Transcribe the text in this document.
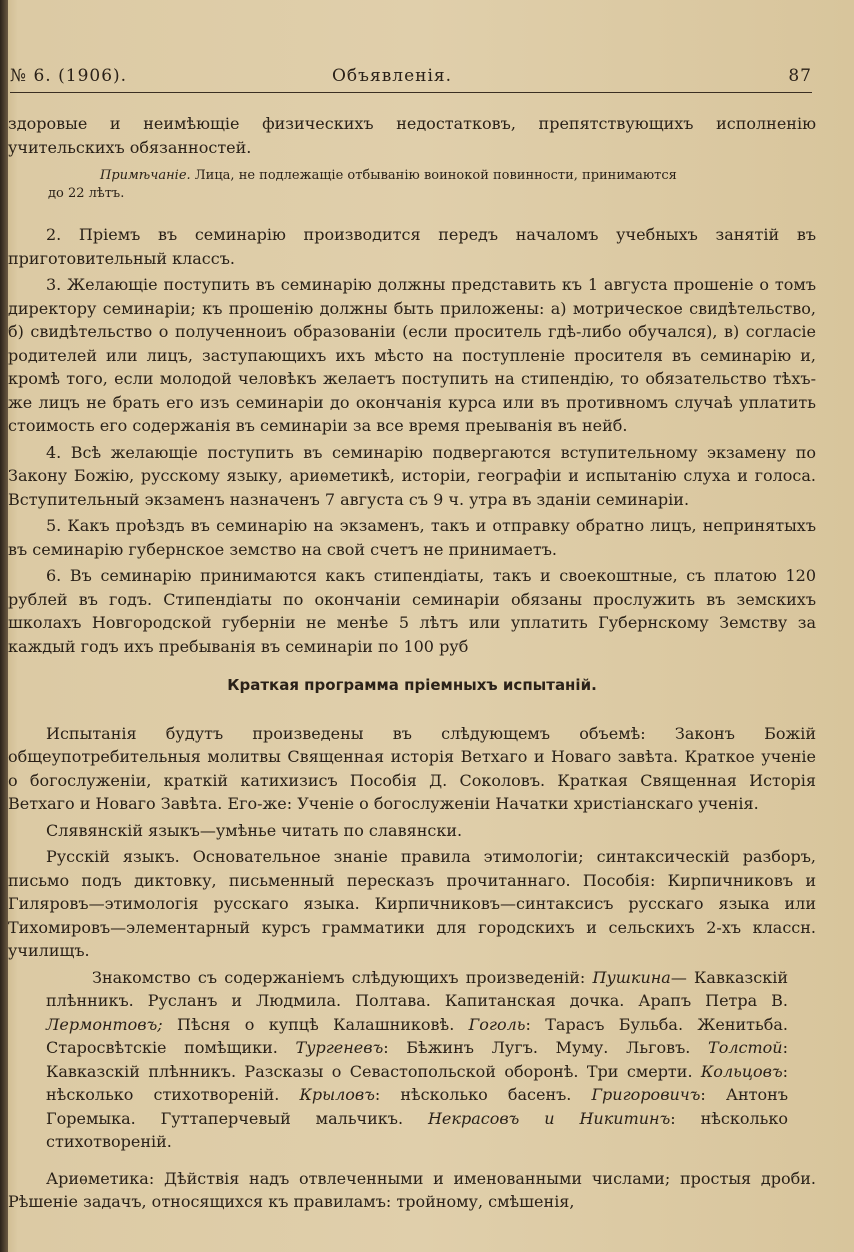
№ 6. (1906).	Объявленія.	87

здоровые и неимѣющіе физическихъ недостатковъ, препятствующихъ исполненію учительскихъ обязанностей.

Примѣчаніе. Лица, не подлежащіе отбыванію воинокой повинности, принимаются

до 22 лѣтъ.

2. Пріемъ въ семинарію производится передъ началомъ учебныхъ занятій въ приготовительный классъ.

3. Желающіе поступить въ семинарію должны представить къ 1 августа прошеніе о томъ директору семинаріи; къ прошенію должны быть приложены: а) мотрическое свидѣтельство, б) свидѣтельство о полученноиъ образованіи (если проситель гдѣ-либо обучался), в) согласіе родителей или лицъ, заступающихъ ихъ мѣсто на поступленіе просителя въ семинарію и, кромѣ того, если молодой человѣкъ желаетъ поступить на стипендію, то обязательство тѣхъ-же лицъ не брать его изъ семинаріи до окончанія курса или въ противномъ случаѣ уплатить стоимость его содержанія въ семинаріи за все время прeыванія въ нейб.

4. Всѣ желающіе поступить въ семинарію подвергаются вступительному экзамену по Закону Божію, русскому языку, ариѳметикѣ, исторіи, географіи и испытанію слуха и голоса. Вступительный экзаменъ назначенъ 7 августа съ 9 ч. утра въ зданіи семинаріи.

5. Какъ проѣздъ въ семинарію на экзаменъ, такъ и отправку обратно лицъ, непринятыхъ въ семинарію губернское земство на свой счетъ не принимаетъ.

6. Въ семинарію принимаются какъ стипендіаты, такъ и своекоштные, съ платою 120 рублей въ годъ. Стипендіаты по окончаніи семинаріи обязаны прослужить въ земскихъ школахъ Новгородской губерніи не менѣе 5 лѣтъ или уплатить Губернскому Земству за каждый годъ ихъ пребыванія въ семинаріи по 100 руб

Краткая программа пріемныхъ испытаній.

Испытанія будутъ произведены въ слѣдующемъ объемѣ: Законъ Божій общеупотребительныя молитвы Священная исторія Ветхаго и Новаго завѣта. Краткое ученіе о богослуженіи, краткій катихизисъ Пособія Д. Соколовъ. Краткая Священная Исторія Ветхаго и Новаго Завѣта. Его-же: Ученіе о богослуженіи Начатки христіанскаго ученія.

Слявянскій языкъ—умѣнье читать по славянски.

Русскій языкъ. Основательное знаніе правила этимологіи; синтаксическій разборъ, письмо подъ диктовку, письменный пересказъ прочитаннаго. Пособія: Кирпичниковъ и Гиляровъ—этимологія русскаго языка. Кирпичниковъ—синтаксисъ русскаго языка или Тихомировъ—элементарный курсъ грамматики для городскихъ и сельскихъ 2-хъ классн. училищъ.

Знакомство съ содержаніемъ слѣдующихъ произведеній: Пушкина— Кавказскій плѣнникъ. Русланъ и Людмила. Полтава. Капитанская дочка. Арапъ Петра В. Лермонтовъ; Пѣсня о купцѣ Калашниковѣ. Гоголь: Тарасъ Бульба. Женитьба. Старосвѣтскіе помѣщики. Тургеневъ: Бѣжинъ Лугъ. Муму. Льговъ. Толстой: Кавказскій плѣнникъ. Разсказы о Севастопольской оборонѣ. Три смерти. Кольцовъ: нѣсколько стихотвореній. Крыловъ: нѣсколько басенъ. Григоровичъ: Антонъ Горемыка. Гуттаперчевый мальчикъ. Некрасовъ и Никитинъ: нѣсколько стихотвореній.

Ариѳметика: Дѣйствія надъ отвлеченными и именованными числами; простыя дроби. Рѣшеніе задачъ, относящихся къ правиламъ: тройному, смѣшенія,
